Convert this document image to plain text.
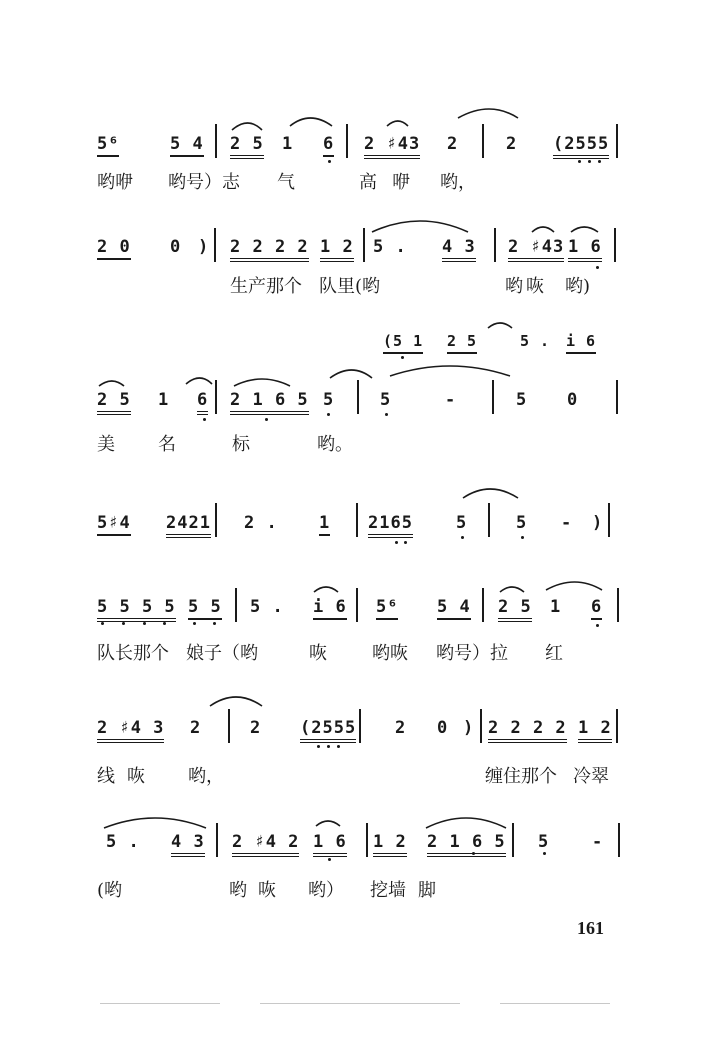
5⁶	5 4 2 5 1 6 2 ♯43 2	2 (2555
哟咿 哟号）志 气	高 咿 哟，
2 0 0 ) 2 2 2 2 1 2 5 . 4 3 2 ♯43 1 6
生产那个 队里(哟	哟 咴 哟)
(5 1 2 5	5 . i 6
2 5 1 6 2 1 6 5 5	5	-	5 0
美 名	标	哟。
5♯4 2421 2 . 1 2165	5	5 - )
5 5 5 5 5 5 5 . i 6 5⁶ 5 4 2 5 1 6
队长那个 娘子（哟	咴	哟咴 哟号）拉 红
2 ♯4 3 2	2 (2555 2 0 ) 2 2 2 2 1 2
线 咴 哟，	缠住那个 冷翠
5 . 4 3 2 ♯4 2 1 6 1 2 2 1 6 5 5	-
(哟	哟 咴 哟） 挖墙 脚
161
